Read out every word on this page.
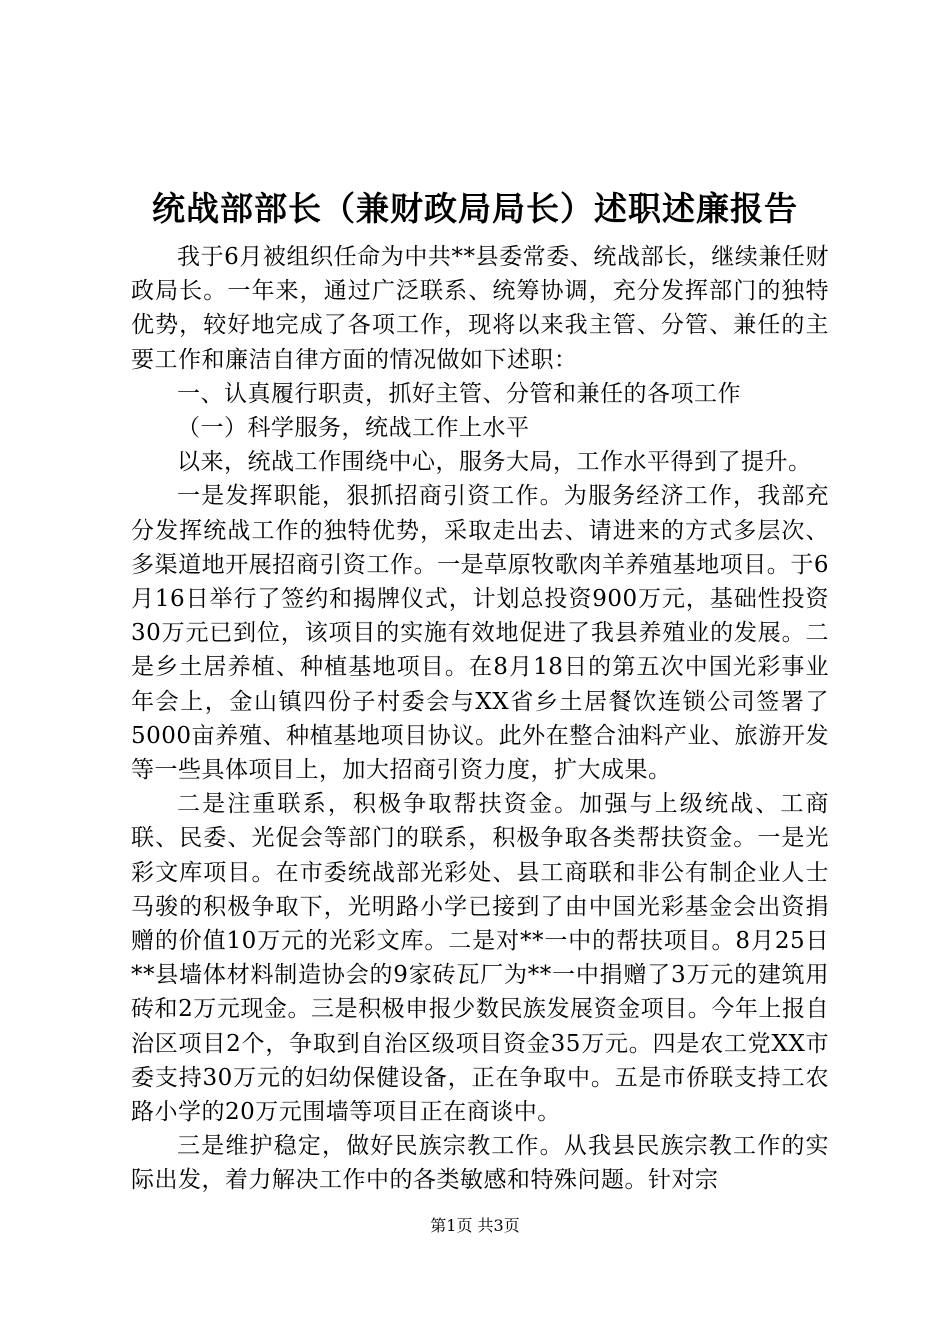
统战部部长（兼财政局局长）述职述廉报告

我于6月被组织任命为中共**县委常委、统战部长，继续兼任财政局长。一年来，通过广泛联系、统筹协调，充分发挥部门的独特优势，较好地完成了各项工作，现将以来我主管、分管、兼任的主要工作和廉洁自律方面的情况做如下述职：

一、认真履行职责，抓好主管、分管和兼任的各项工作

（一）科学服务，统战工作上水平

以来，统战工作围绕中心，服务大局，工作水平得到了提升。

一是发挥职能，狠抓招商引资工作。为服务经济工作，我部充分发挥统战工作的独特优势，采取走出去、请进来的方式多层次、多渠道地开展招商引资工作。一是草原牧歌肉羊养殖基地项目。于6月16日举行了签约和揭牌仪式，计划总投资900万元，基础性投资30万元已到位，该项目的实施有效地促进了我县养殖业的发展。二是乡土居养植、种植基地项目。在8月18日的第五次中国光彩事业年会上，金山镇四份子村委会与XX省乡土居餐饮连锁公司签署了5000亩养殖、种植基地项目协议。此外在整合油料产业、旅游开发等一些具体项目上，加大招商引资力度，扩大成果。

二是注重联系，积极争取帮扶资金。加强与上级统战、工商联、民委、光促会等部门的联系，积极争取各类帮扶资金。一是光彩文库项目。在市委统战部光彩处、县工商联和非公有制企业人士马骏的积极争取下，光明路小学已接到了由中国光彩基金会出资捐赠的价值10万元的光彩文库。二是对**一中的帮扶项目。8月25日**县墙体材料制造协会的9家砖瓦厂为**一中捐赠了3万元的建筑用砖和2万元现金。三是积极申报少数民族发展资金项目。今年上报自治区项目2个，争取到自治区级项目资金35万元。四是农工党XX市委支持30万元的妇幼保健设备，正在争取中。五是市侨联支持工农路小学的20万元围墙等项目正在商谈中。

三是维护稳定，做好民族宗教工作。从我县民族宗教工作的实际出发，着力解决工作中的各类敏感和特殊问题。针对宗

第1页 共3页
